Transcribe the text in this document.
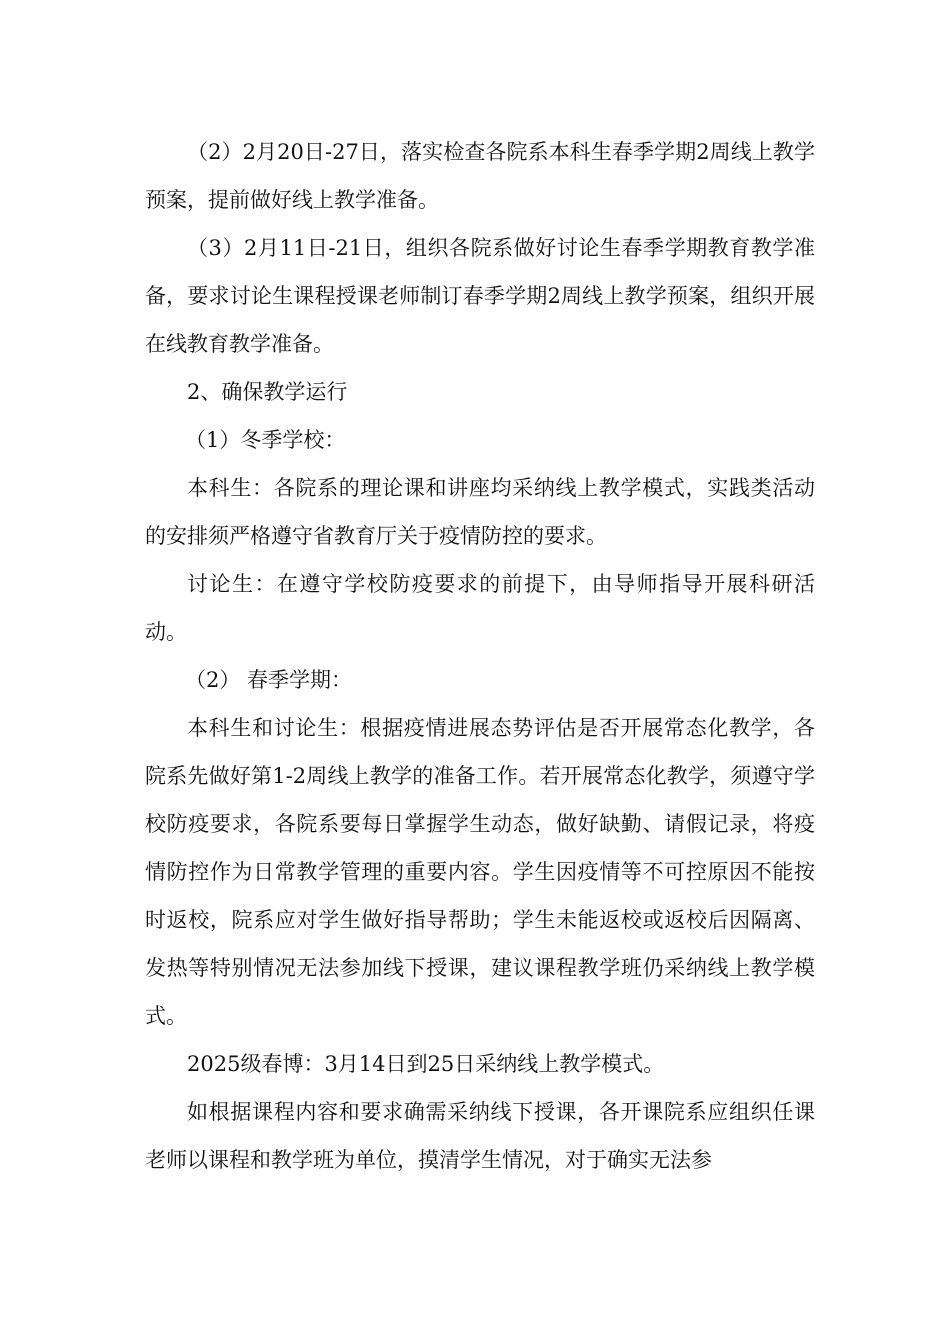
（2）2月20日-27日，落实检查各院系本科生春季学期2周线上教学预案，提前做好线上教学准备。

（3）2月11日-21日，组织各院系做好讨论生春季学期教育教学准备，要求讨论生课程授课老师制订春季学期2周线上教学预案，组织开展在线教育教学准备。

2、确保教学运行

（1）冬季学校：

本科生：各院系的理论课和讲座均采纳线上教学模式，实践类活动的安排须严格遵守省教育厅关于疫情防控的要求。

讨论生：在遵守学校防疫要求的前提下，由导师指导开展科研活动。

（2） 春季学期：

本科生和讨论生：根据疫情进展态势评估是否开展常态化教学，各院系先做好第1-2周线上教学的准备工作。若开展常态化教学，须遵守学校防疫要求，各院系要每日掌握学生动态，做好缺勤、请假记录，将疫情防控作为日常教学管理的重要内容。学生因疫情等不可控原因不能按时返校，院系应对学生做好指导帮助；学生未能返校或返校后因隔离、发热等特别情况无法参加线下授课，建议课程教学班仍采纳线上教学模式。

2025级春博：3月14日到25日采纳线上教学模式。

如根据课程内容和要求确需采纳线下授课，各开课院系应组织任课老师以课程和教学班为单位，摸清学生情况，对于确实无法参
